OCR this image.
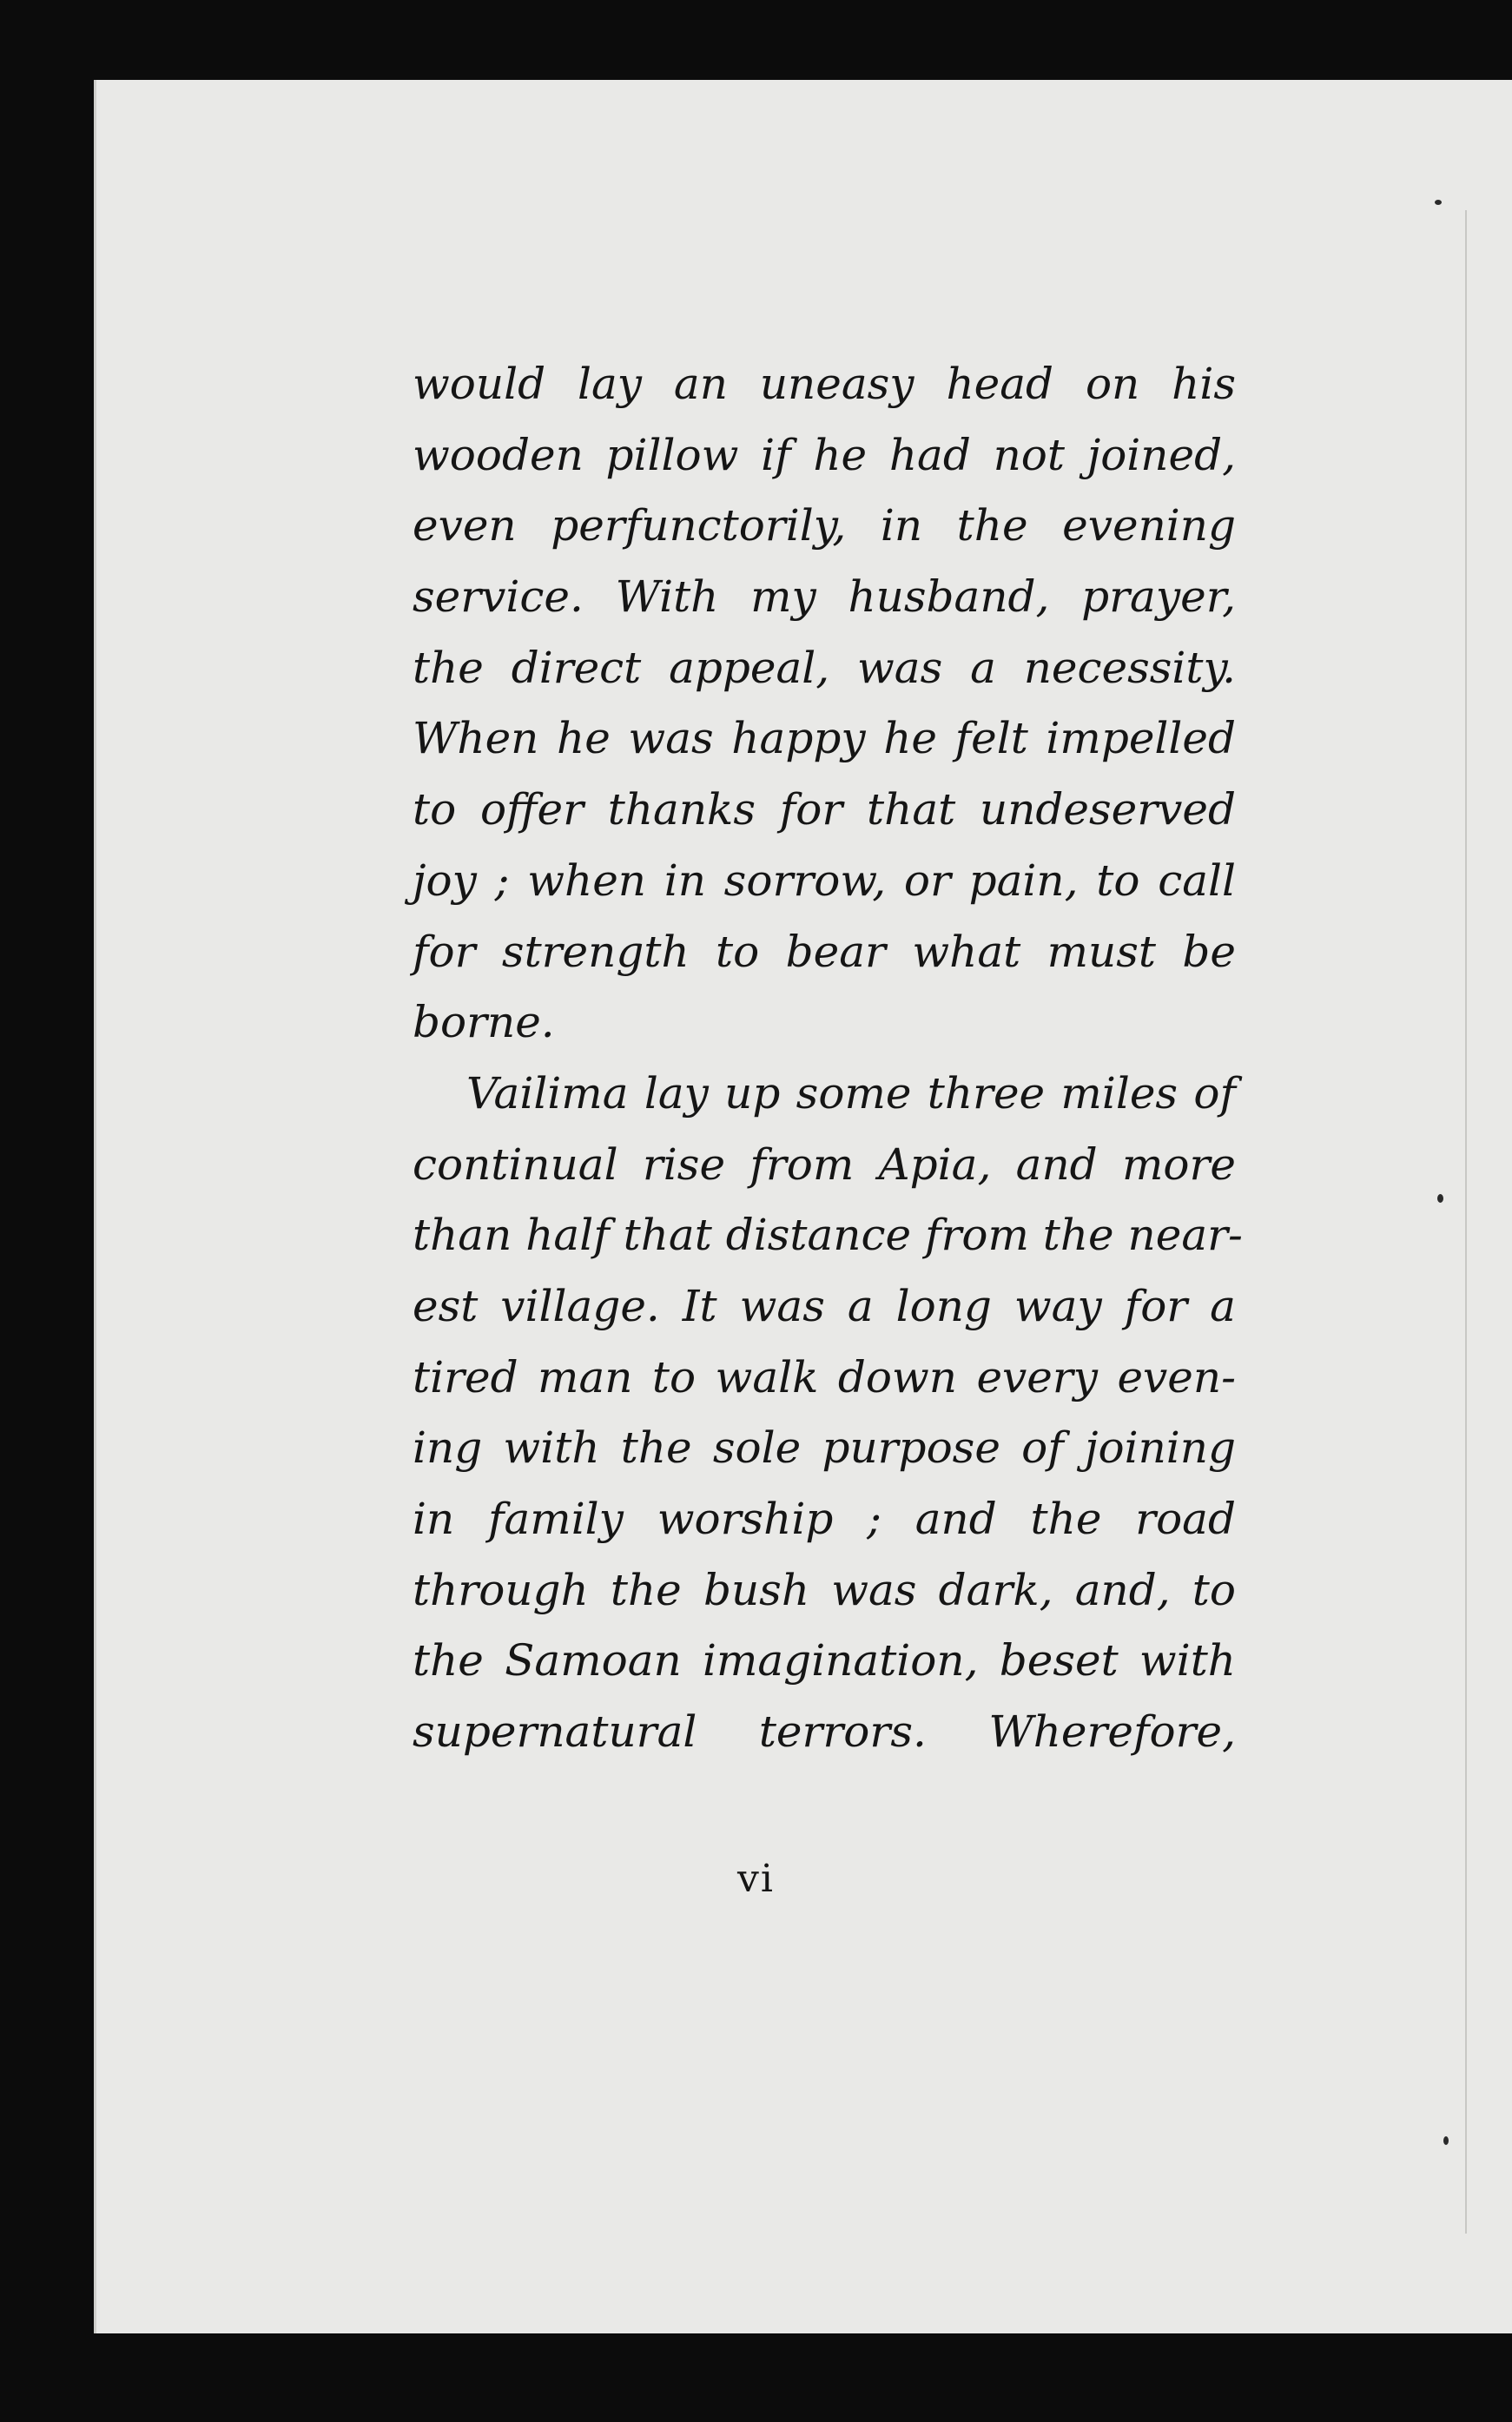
would lay an uneasy head on his
wooden pillow if he had not joined,
even perfunctorily, in the evening
service. With my husband, prayer,
the direct appeal, was a necessity.
When he was happy he felt impelled
to offer thanks for that undeserved
joy ; when in sorrow, or pain, to call
for strength to bear what must be
borne.
Vailima lay up some three miles of
continual rise from Apia, and more
than half that distance from the near-
est village. It was a long way for a
tired man to walk down every even-
ing with the sole purpose of joining
in family worship ; and the road
through the bush was dark, and, to
the Samoan imagination, beset with
supernatural terrors. Wherefore,
vi
